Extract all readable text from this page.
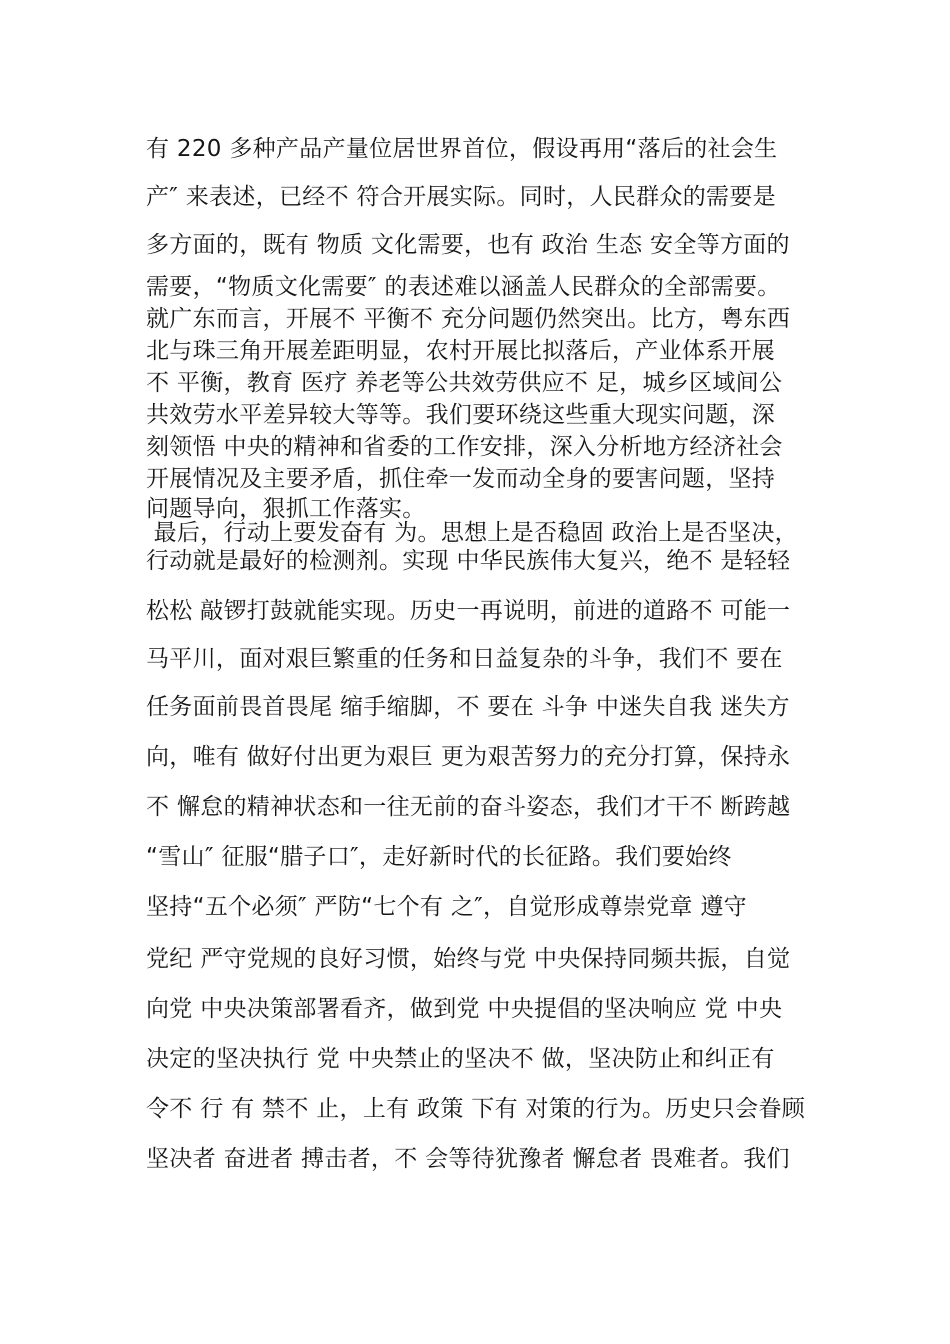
有 220 多种产品产量位居世界首位，假设再用“落后的社会生
产″ 来表述，已经不 符合开展实际。同时，人民群众的需要是
多方面的，既有 物质 文化需要，也有 政治 生态 安全等方面的
需要，“物质文化需要″ 的表述难以涵盖人民群众的全部需要。
就广东而言，开展不 平衡不 充分问题仍然突出。比方，粤东西
北与珠三角开展差距明显，农村开展比拟落后，产业体系开展
不 平衡，教育 医疗 养老等公共效劳供应不 足，城乡区域间公
共效劳水平差异较大等等。我们要环绕这些重大现实问题，深
刻领悟 中央的精神和省委的工作安排，深入分析地方经济社会
开展情况及主要矛盾，抓住牵一发而动全身的要害问题，坚持
问题导向，狠抓工作落实。
最后，行动上要发奋有 为。思想上是否稳固 政治上是否坚决，
行动就是最好的检测剂。实现 中华民族伟大复兴，绝不 是轻轻
松松 敲锣打鼓就能实现。历史一再说明，前进的道路不 可能一
马平川，面对艰巨繁重的任务和日益复杂的斗争，我们不 要在
任务面前畏首畏尾 缩手缩脚，不 要在 斗争 中迷失自我 迷失方
向，唯有 做好付出更为艰巨 更为艰苦努力的充分打算，保持永
不 懈怠的精神状态和一往无前的奋斗姿态，我们才干不 断跨越
“雪山″ 征服“腊子口″，走好新时代的长征路。我们要始终
坚持“五个必须″ 严防“七个有 之″，自觉形成尊崇党章 遵守
党纪 严守党规的良好习惯，始终与党 中央保持同频共振，自觉
向党 中央决策部署看齐，做到党 中央提倡的坚决响应 党 中央
决定的坚决执行 党 中央禁止的坚决不 做，坚决防止和纠正有
令不 行 有 禁不 止，上有 政策 下有 对策的行为。历史只会眷顾
坚决者 奋进者 搏击者，不 会等待犹豫者 懈怠者 畏难者。我们
